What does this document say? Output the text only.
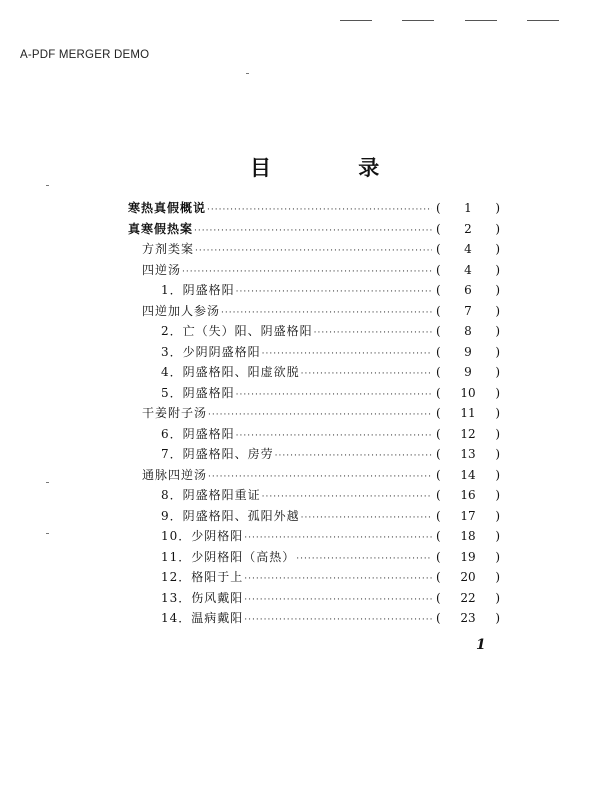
A-PDF MERGER DEMO
目 录
寒热真假概说 ·····	(	1	)
真寒假热案 ·····	(	2	)
方剂类案 ·····	(	4	)
四逆汤 ·····	(	4	)
1．阴盛格阳 ·····	(	6	)
四逆加人参汤 ·····	(	7	)
2．亡（失）阳、阴盛格阳 ·····	(	8	)
3．少阴阴盛格阳 ·····	(	9	)
4．阴盛格阳、阳虚欲脱 ·····	(	9	)
5．阴盛格阳 ·····	(	10	)
干姜附子汤 ·····	(	11	)
6．阴盛格阳 ·····	(	12	)
7．阴盛格阳、房劳 ·····	(	13	)
通脉四逆汤 ·····	(	14	)
8．阴盛格阳重证 ·····	(	16	)
9．阴盛格阳、孤阳外越 ·····	(	17	)
10．少阴格阳 ·····	(	18	)
11．少阴格阳（高热） ·····	(	19	)
12．格阳于上 ·····	(	20	)
13．伤风戴阳 ·····	(	22	)
14．温病戴阳 ·····	(	23	)
1
